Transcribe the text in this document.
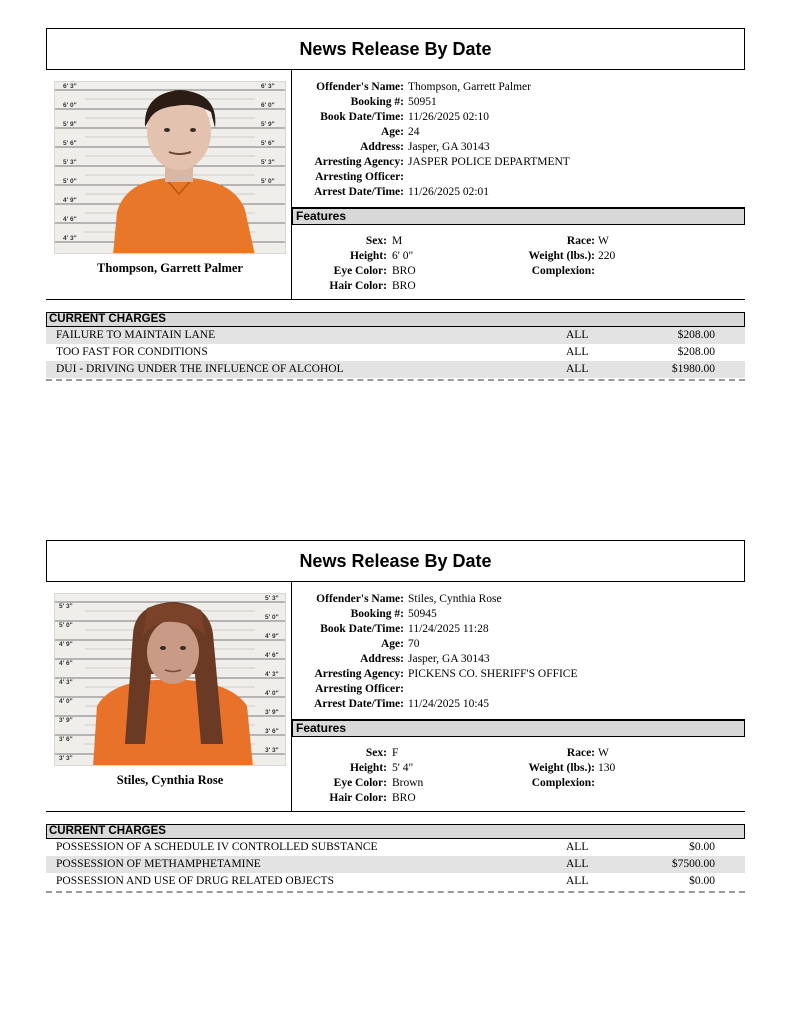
News Release By Date
6' 3"
6' 0"
5' 9"
5' 6"
5' 3"
5' 0"
4' 9"
4' 6"
4' 3"
6' 3"
6' 0"
5' 9"
5' 6"
5' 3"
5' 0"
Thompson, Garrett Palmer
Offender's Name: Thompson, Garrett Palmer
Booking #: 50951
Book Date/Time: 11/26/2025 02:10
Age: 24
Address: Jasper, GA 30143
Arresting Agency: JASPER POLICE DEPARTMENT
Arresting Officer:
Arrest Date/Time: 11/26/2025 02:01
Features
Sex: M
Height: 6' 0"
Eye Color: BRO
Hair Color: BRO
Race: W
Weight (lbs.): 220
Complexion:
CURRENT CHARGES
FAILURE TO MAINTAIN LANE	ALL	$208.00
TOO FAST FOR CONDITIONS	ALL	$208.00
DUI - DRIVING UNDER THE INFLUENCE OF ALCOHOL	ALL	$1980.00
News Release By Date
5' 3"
5' 0"
4' 9"
4' 6"
4' 3"
4' 0"
3' 9"
3' 6"
3' 3"
5' 3"
5' 0"
4' 9"
4' 6"
4' 3"
4' 0"
3' 9"
3' 6"
3' 3"
Stiles, Cynthia Rose
Offender's Name: Stiles, Cynthia Rose
Booking #: 50945
Book Date/Time: 11/24/2025 11:28
Age: 70
Address: Jasper, GA 30143
Arresting Agency: PICKENS CO. SHERIFF'S OFFICE
Arresting Officer:
Arrest Date/Time: 11/24/2025 10:45
Features
Sex: F
Height: 5' 4"
Eye Color: Brown
Hair Color: BRO
Race: W
Weight (lbs.): 130
Complexion:
CURRENT CHARGES
POSSESSION OF A SCHEDULE IV CONTROLLED SUBSTANCE	ALL	$0.00
POSSESSION OF METHAMPHETAMINE	ALL	$7500.00
POSSESSION AND USE OF DRUG RELATED OBJECTS	ALL	$0.00
